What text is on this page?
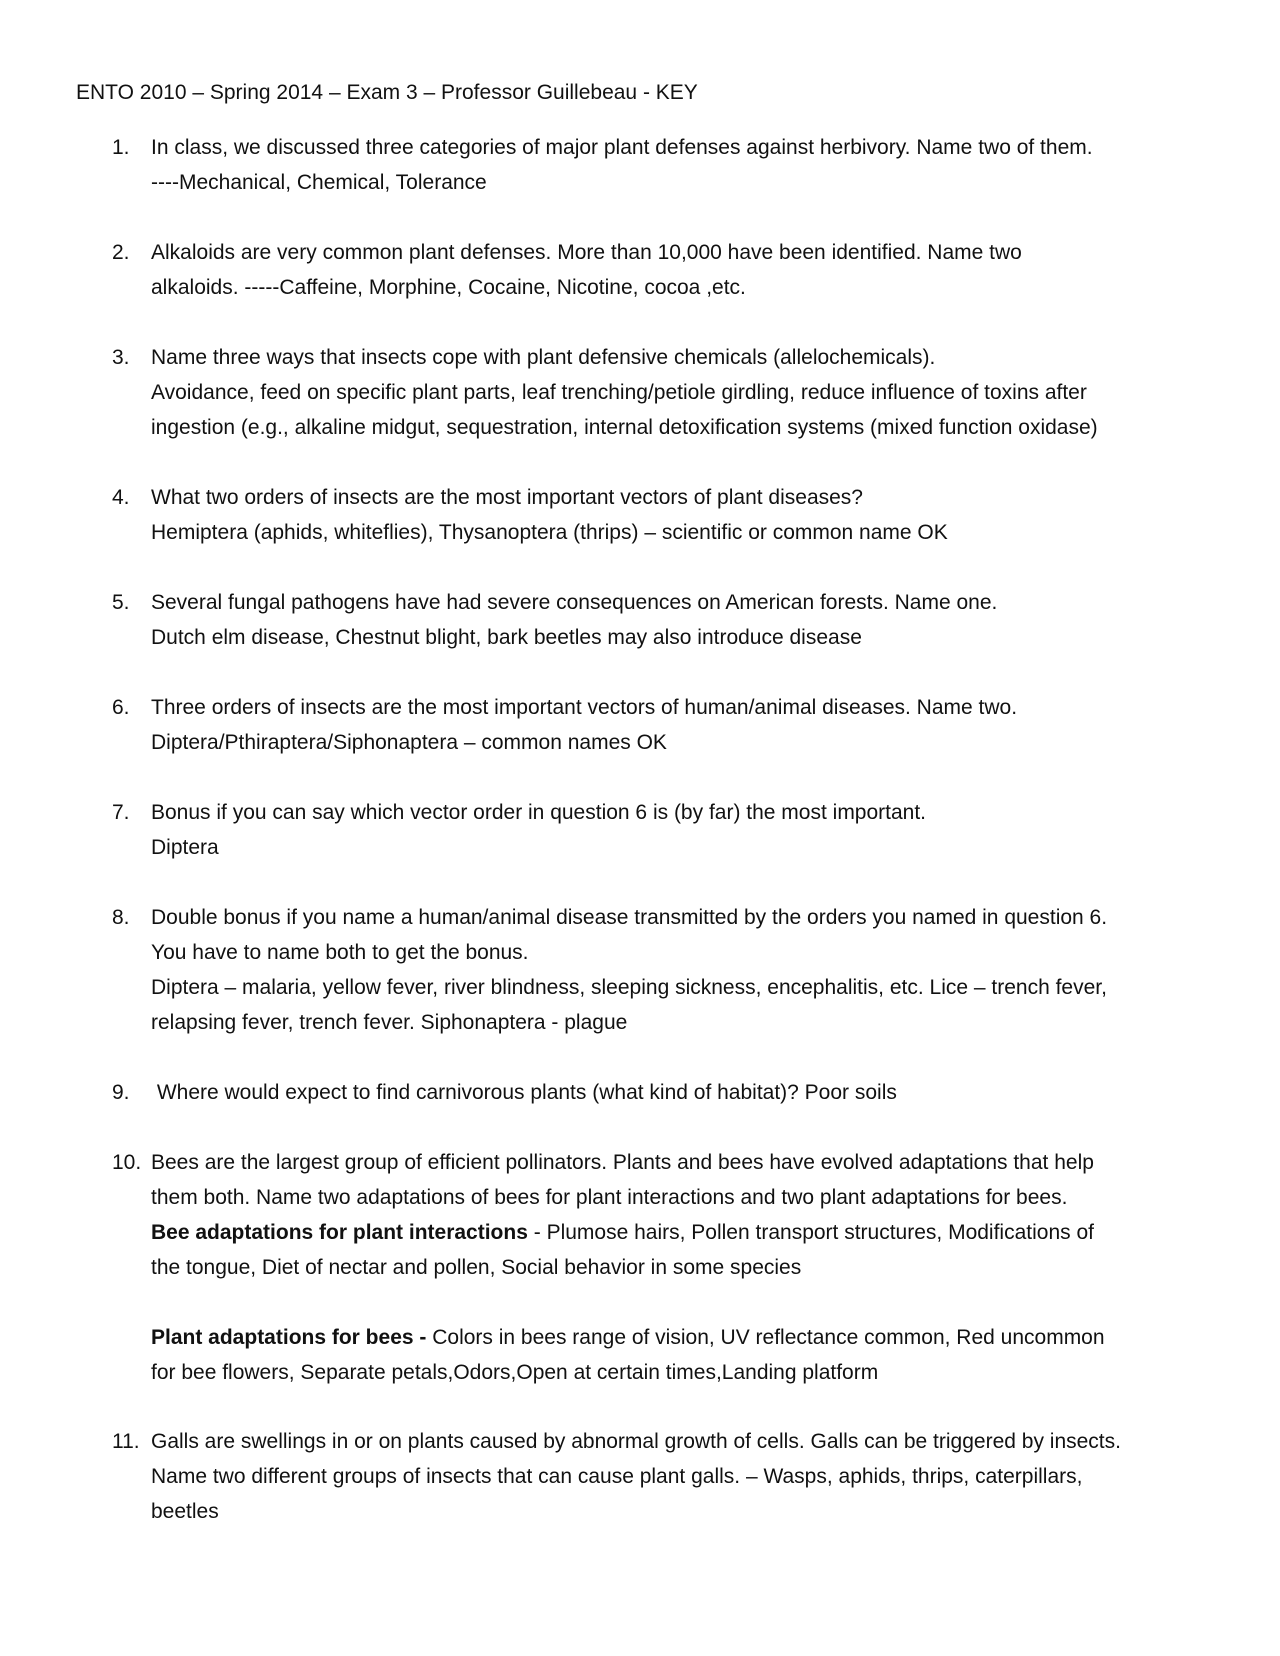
ENTO 2010 – Spring 2014 – Exam 3 – Professor Guillebeau - KEY
1.	In class, we discussed three categories of major plant defenses against herbivory. Name two of them.
----Mechanical, Chemical, Tolerance
2.	Alkaloids are very common plant defenses. More than 10,000 have been identified. Name two
alkaloids. -----Caffeine, Morphine, Cocaine, Nicotine, cocoa ,etc.
3.	Name three ways that insects cope with plant defensive chemicals (allelochemicals).
Avoidance, feed on specific plant parts, leaf trenching/petiole girdling, reduce influence of toxins after
ingestion (e.g., alkaline midgut, sequestration, internal detoxification systems (mixed function oxidase)
4.	What two orders of insects are the most important vectors of plant diseases?
Hemiptera (aphids, whiteflies), Thysanoptera (thrips) – scientific or common name OK
5.	Several fungal pathogens have had severe consequences on American forests. Name one.
Dutch elm disease, Chestnut blight, bark beetles may also introduce disease
6.	Three orders of insects are the most important vectors of human/animal diseases. Name two.
Diptera/Pthiraptera/Siphonaptera – common names OK
7.	Bonus if you can say which vector order in question 6 is (by far) the most important.
Diptera
8.	Double bonus if you name a human/animal disease transmitted by the orders you named in question 6.
You have to name both to get the bonus.
Diptera – malaria, yellow fever, river blindness, sleeping sickness, encephalitis, etc. Lice – trench fever,
relapsing fever, trench fever. Siphonaptera - plague
9.	Where would expect to find carnivorous plants (what kind of habitat)? Poor soils
10. Bees are the largest group of efficient pollinators. Plants and bees have evolved adaptations that help
them both. Name two adaptations of bees for plant interactions and two plant adaptations for bees.
Bee adaptations for plant interactions - Plumose hairs, Pollen transport structures, Modifications of
the tongue, Diet of nectar and pollen, Social behavior in some species
Plant adaptations for bees - Colors in bees range of vision, UV reflectance common, Red uncommon
for bee flowers, Separate petals,Odors,Open at certain times,Landing platform
11. Galls are swellings in or on plants caused by abnormal growth of cells. Galls can be triggered by insects.
Name two different groups of insects that can cause plant galls. – Wasps, aphids, thrips, caterpillars,
beetles
